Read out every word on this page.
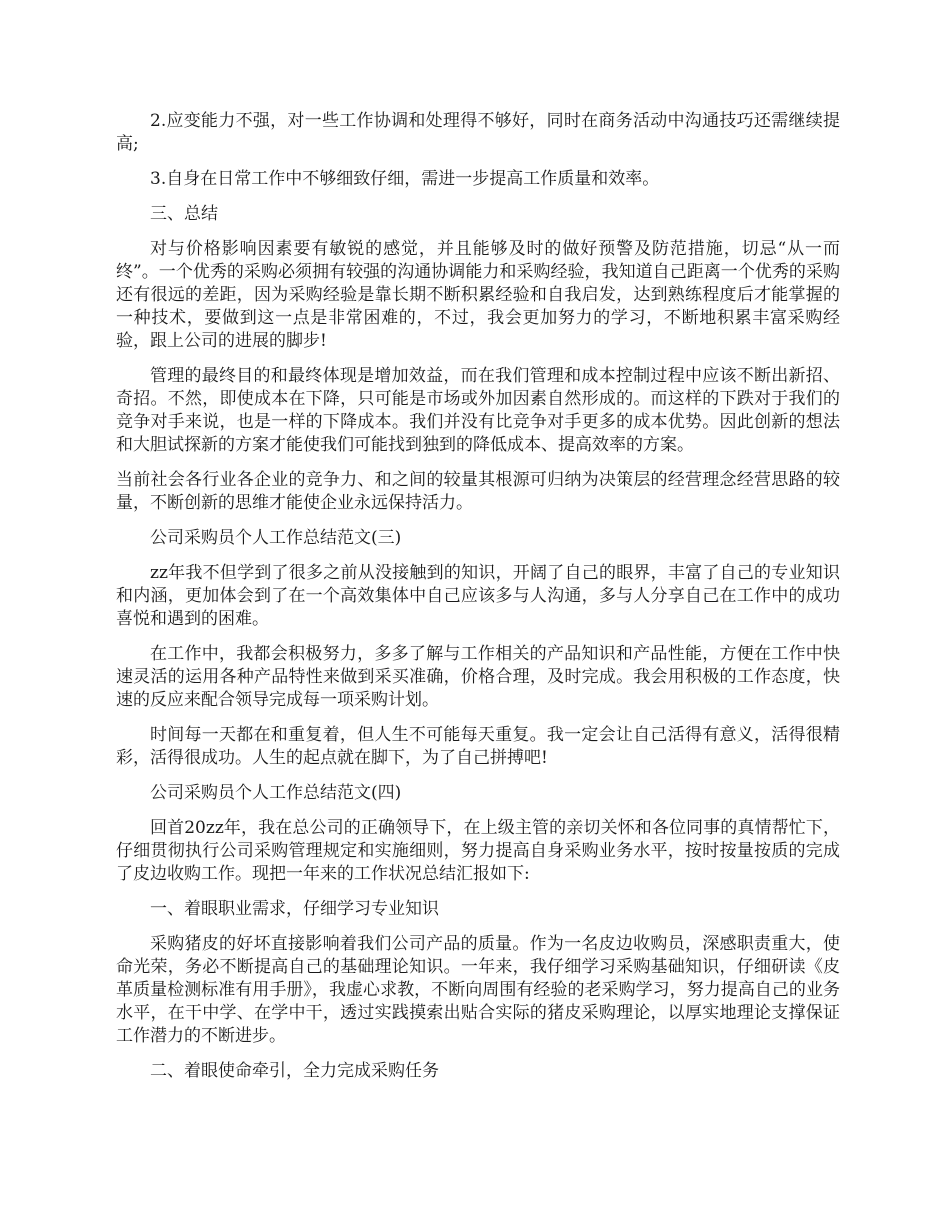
2.应变能力不强，对一些工作协调和处理得不够好，同时在商务活动中沟通技巧还需继续提高;

3.自身在日常工作中不够细致仔细，需进一步提高工作质量和效率。

三、总结

对与价格影响因素要有敏锐的感觉，并且能够及时的做好预警及防范措施，切忌“从一而终”。一个优秀的采购必须拥有较强的沟通协调能力和采购经验，我知道自己距离一个优秀的采购还有很远的差距，因为采购经验是靠长期不断积累经验和自我启发，达到熟练程度后才能掌握的一种技术，要做到这一点是非常困难的，不过，我会更加努力的学习，不断地积累丰富采购经验，跟上公司的进展的脚步!

管理的最终目的和最终体现是增加效益，而在我们管理和成本控制过程中应该不断出新招、奇招。不然，即使成本在下降，只可能是市场或外加因素自然形成的。而这样的下跌对于我们的竞争对手来说，也是一样的下降成本。我们并没有比竞争对手更多的成本优势。因此创新的想法和大胆试探新的方案才能使我们可能找到独到的降低成本、提高效率的方案。

当前社会各行业各企业的竞争力、和之间的较量其根源可归纳为决策层的经营理念经营思路的较量，不断创新的思维才能使企业永远保持活力。

公司采购员个人工作总结范文(三)

zz年我不但学到了很多之前从没接触到的知识，开阔了自己的眼界，丰富了自己的专业知识和内涵，更加体会到了在一个高效集体中自己应该多与人沟通，多与人分享自己在工作中的成功喜悦和遇到的困难。

在工作中，我都会积极努力，多多了解与工作相关的产品知识和产品性能，方便在工作中快速灵活的运用各种产品特性来做到采买准确，价格合理，及时完成。我会用积极的工作态度，快速的反应来配合领导完成每一项采购计划。

时间每一天都在和重复着，但人生不可能每天重复。我一定会让自己活得有意义，活得很精彩，活得很成功。人生的起点就在脚下，为了自己拼搏吧!

公司采购员个人工作总结范文(四)

回首20zz年，我在总公司的正确领导下，在上级主管的亲切关怀和各位同事的真情帮忙下，仔细贯彻执行公司采购管理规定和实施细则，努力提高自身采购业务水平，按时按量按质的完成了皮边收购工作。现把一年来的工作状况总结汇报如下:

一、着眼职业需求，仔细学习专业知识

采购猪皮的好坏直接影响着我们公司产品的质量。作为一名皮边收购员，深感职责重大，使命光荣，务必不断提高自己的基础理论知识。一年来，我仔细学习采购基础知识，仔细研读《皮革质量检测标准有用手册》，我虚心求教，不断向周围有经验的老采购学习，努力提高自己的业务水平，在干中学、在学中干，透过实践摸索出贴合实际的猪皮采购理论，以厚实地理论支撑保证工作潜力的不断进步。

二、着眼使命牵引，全力完成采购任务
